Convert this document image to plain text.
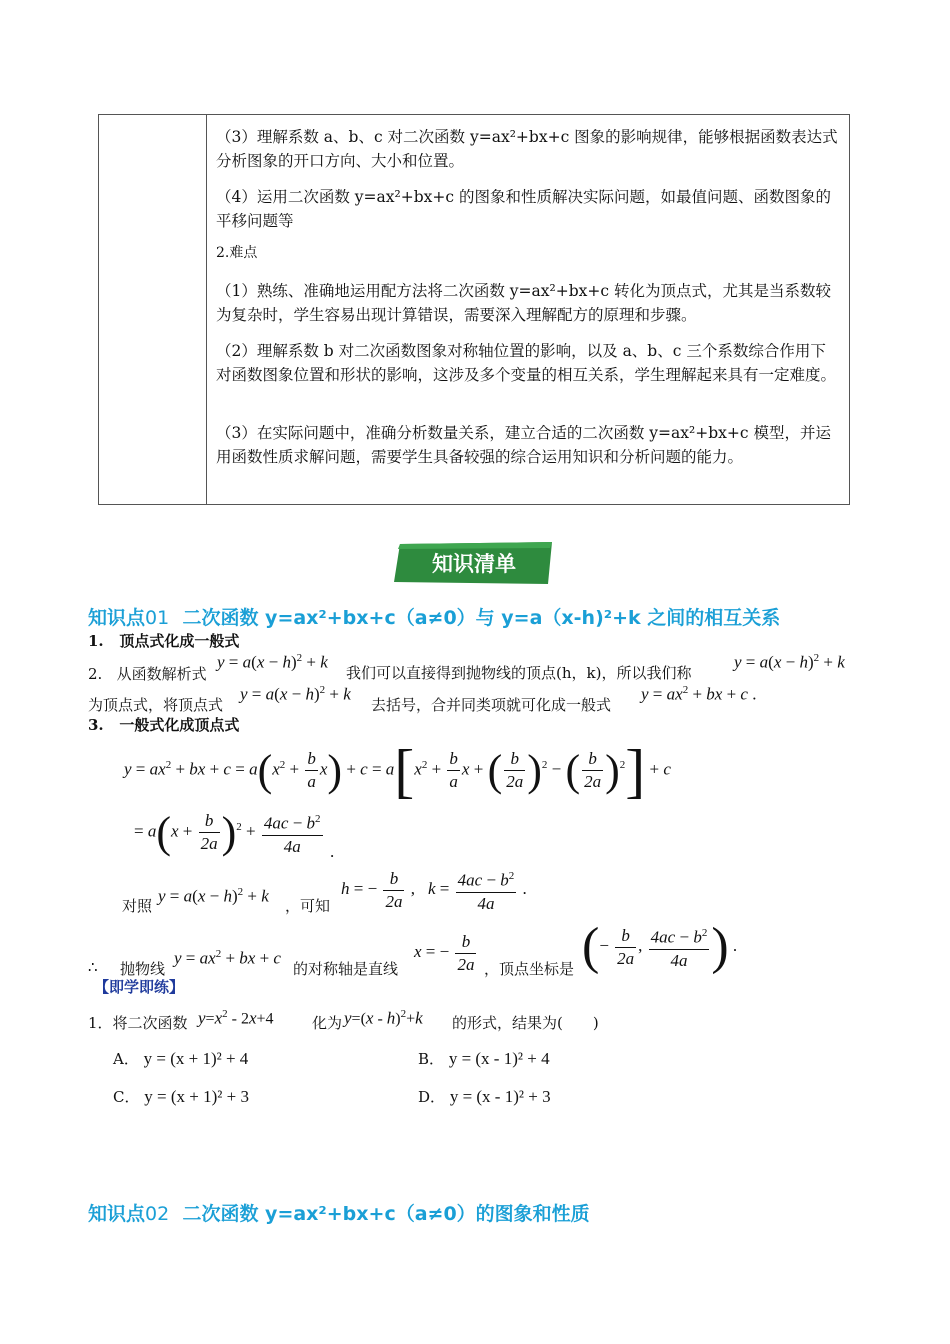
（3）理解系数 a、b、c 对二次函数 y=ax²+bx+c 图象的影响规律，能够根据函数表达式分析图象的开口方向、大小和位置。

（4）运用二次函数 y=ax²+bx+c 的图象和性质解决实际问题，如最值问题、函数图象的平移问题等

2.难点

（1）熟练、准确地运用配方法将二次函数 y=ax²+bx+c 转化为顶点式，尤其是当系数较为复杂时，学生容易出现计算错误，需要深入理解配方的原理和步骤。

（2）理解系数 b 对二次函数图象对称轴位置的影响，以及 a、b、c 三个系数综合作用下对函数图象位置和形状的影响，这涉及多个变量的相互关系，学生理解起来具有一定难度。

（3）在实际问题中，准确分析数量关系，建立合适的二次函数 y=ax²+bx+c 模型，并运用函数性质求解问题，需要学生具备较强的综合运用知识和分析问题的能力。

知识清单
知识点01 二次函数 y=ax²+bx+c（a≠0）与 y=a（x-h)²+k 之间的相互关系
1. 顶点式化成一般式
2. 从函数解析式
$y = a(x - h)^2 + k$
我们可以直接得到抛物线的顶点(h，k)，所以我们称
$y = a(x - h)^2 + k$
为顶点式，将顶点式
$y = a(x - h)^2 + k$
去括号，合并同类项就可化成一般式
$y = ax^2$ + bx + c .
3. 一般式化成顶点式
$y = ax^2$ + bx + $c = a(x^2 + \frac{b}{a} x) + c = a[x^2 + \frac{b}{a}$ x + ( $\frac{b}{2a} )^2$ − ( $\frac{b}{2a} )^2] + c$
= $a(x + \frac{b}{2a} )^2 + \frac{4ac - b^2}{4a}$ .
对照
$y = a(x - h)^2 + k$
，可知
h = − $\frac{b}{2a}$ , $k = \frac{4ac - b^2}{4a}$ .
∴ 抛物线
$y = ax^2$ + bx + c
的对称轴是直线
x = − $\frac{b}{2a}$ ，顶点坐标是 (− $\frac{b}{2a}$ , $\frac{4ac - b^2}{4a}$ ) .
【即学即练】
1．将二次函数 $y=x^2 - 2x+4$	化为 y=(x - h)$^2$+k 的形式，结果为(　　)
A． y = (x + 1)² + 4	B． y = (x - 1)² + 4
C． y = (x + 1)² + 3	D． y = (x - 1)² + 3
知识点02 二次函数 y=ax²+bx+c（a≠0）的图象和性质
